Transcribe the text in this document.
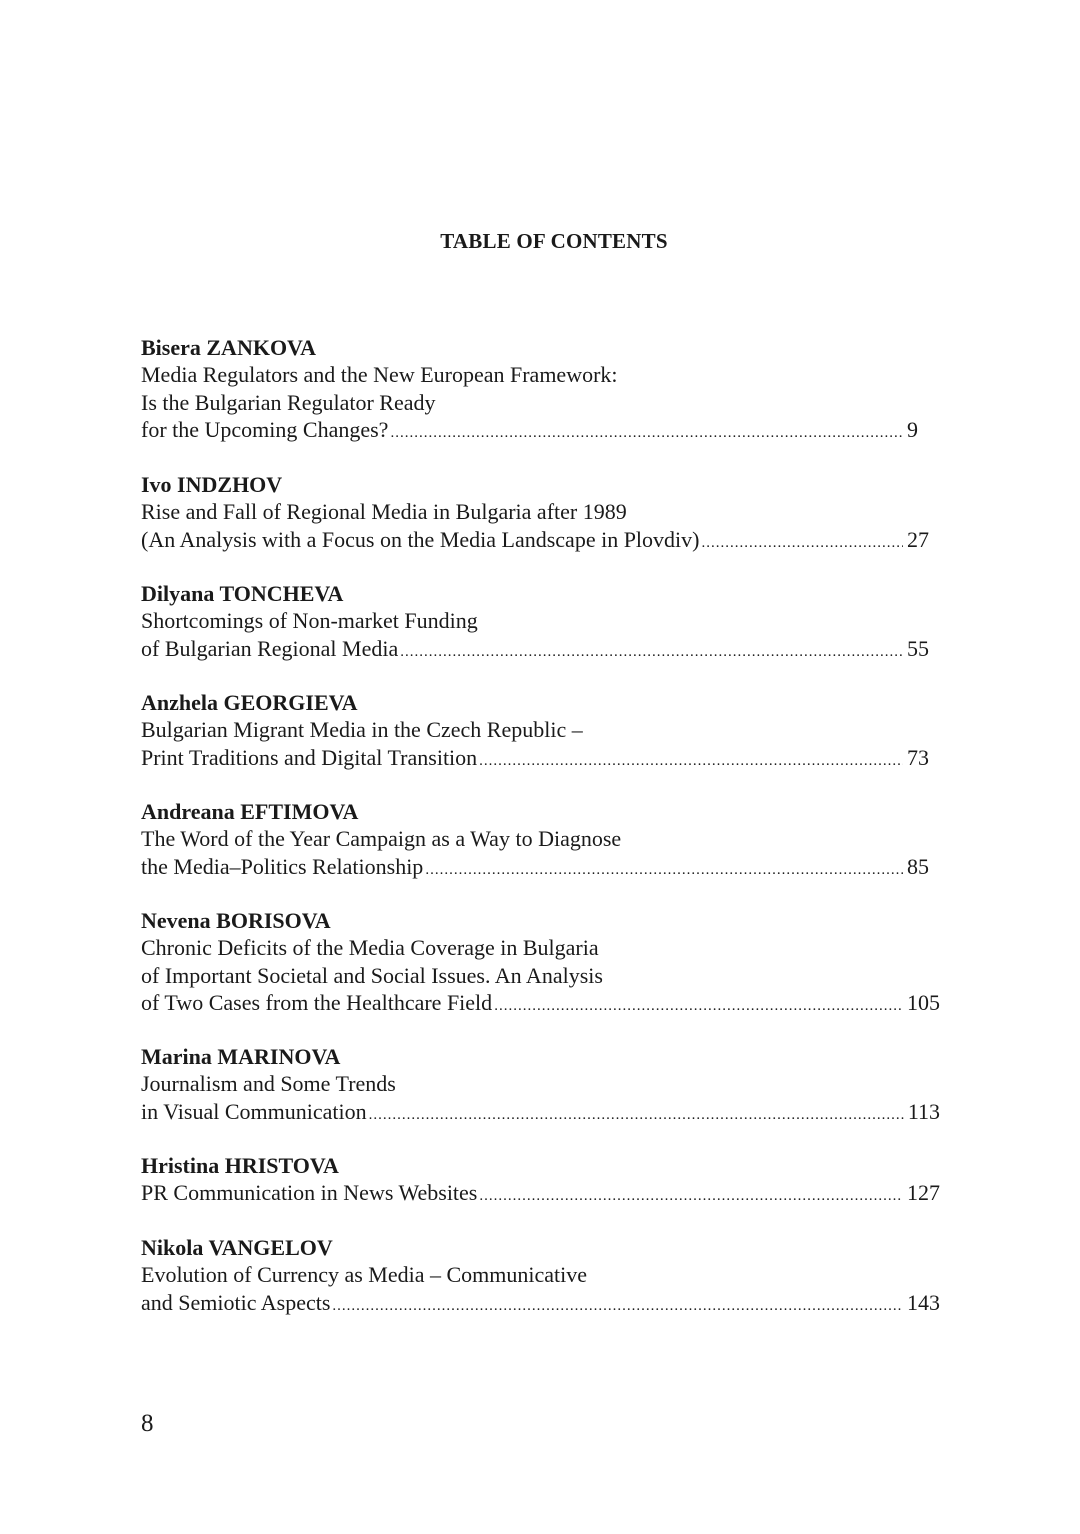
TABLE OF CONTENTS
Bisera ZANKOVA
Media Regulators and the New European Framework:
Is the Bulgarian Regulator Ready
for the Upcoming Changes? .....	9
Ivo INDZHOV
Rise and Fall of Regional Media in Bulgaria after 1989
(An Analysis with a Focus on the Media Landscape in Plovdiv) .....	27
Dilyana TONCHEVA
Shortcomings of Non-market Funding
of Bulgarian Regional Media .....	55
Anzhela GEORGIEVA
Bulgarian Migrant Media in the Czech Republic –
Print Traditions and Digital Transition .....	73
Andreana EFTIMOVA
The Word of the Year Campaign as a Way to Diagnose
the Media–Politics Relationship .....	85
Nevena BORISOVA
Chronic Deficits of the Media Coverage in Bulgaria
of Important Societal and Social Issues. An Analysis
of Two Cases from the Healthcare Field .....	105
Marina MARINOVA
Journalism and Some Trends
in Visual Communication .....	113
Hristina HRISTOVA
PR Communication in News Websites .....	127
Nikola VANGELOV
Evolution of Currency as Media – Communicative
and Semiotic Aspects .....	143

8
